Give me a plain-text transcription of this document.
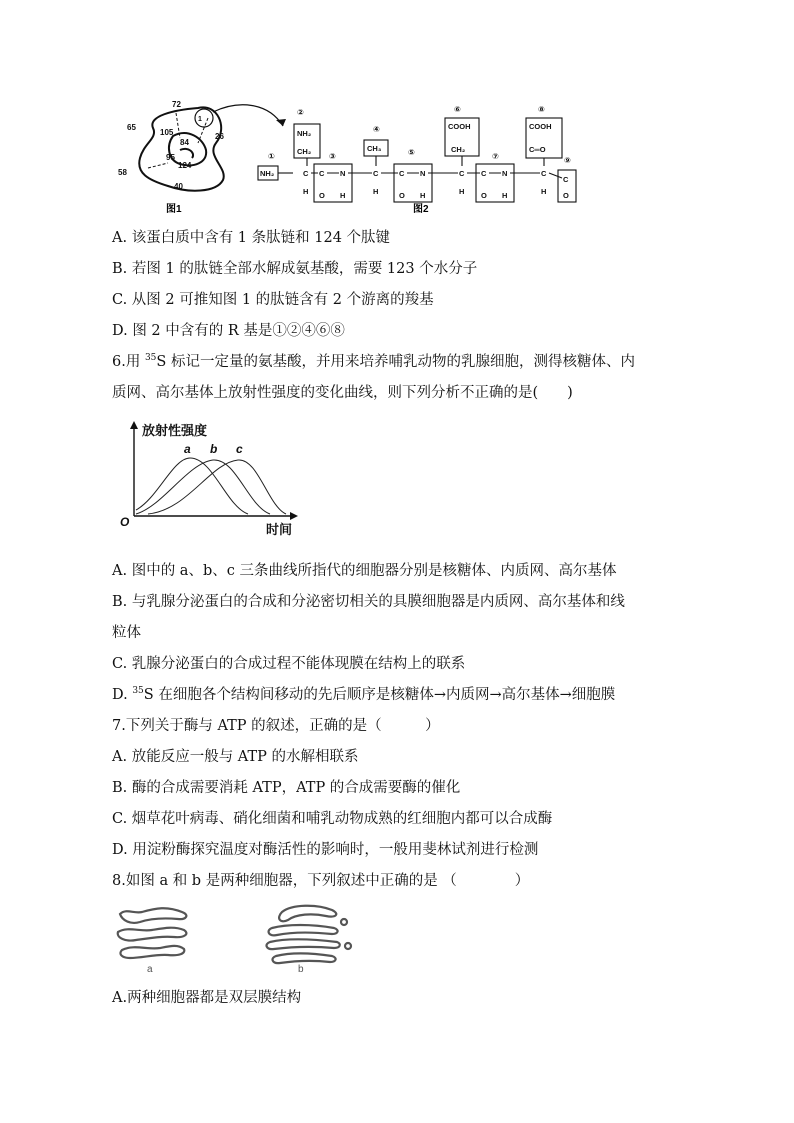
72
65
105
84
26
95
124
58
40
1
图1
①
②
③
④
⑤
⑥
⑦
⑧
⑨
NH₂
NH₂
CH₂	CH₃
COOH
CH₂
COOH
C═O
C
H
C
O
N
H
C
H
C
O
N
H
C
H
C
O
N
H
C
H
C
O
图2
A. 该蛋白质中含有 1 条肽链和 124 个肽键
B. 若图 1 的肽链全部水解成氨基酸，需要 123 个水分子
C. 从图 2 可推知图 1 的肽链含有 2 个游离的羧基
D. 图 2 中含有的 R 基是①②④⑥⑧
6.用 $^{35}$S 标记一定量的氨基酸，并用来培养哺乳动物的乳腺细胞，测得核糖体、内
质网、高尔基体上放射性强度的变化曲线，则下列分析不正确的是(　　)
放射性强度
时间
O
a b c
A. 图中的 a、b、c 三条曲线所指代的细胞器分别是核糖体、内质网、高尔基体
B. 与乳腺分泌蛋白的合成和分泌密切相关的具膜细胞器是内质网、高尔基体和线
粒体
C. 乳腺分泌蛋白的合成过程不能体现膜在结构上的联系
D. $^{35}$S 在细胞各个结构间移动的先后顺序是核糖体→内质网→高尔基体→细胞膜
7.下列关于酶与 ATP 的叙述，正确的是（　　　）
A. 放能反应一般与 ATP 的水解相联系
B. 酶的合成需要消耗 ATP，ATP 的合成需要酶的催化
C. 烟草花叶病毒、硝化细菌和哺乳动物成熟的红细胞内都可以合成酶
D. 用淀粉酶探究温度对酶活性的影响时，一般用斐林试剂进行检测
8.如图 a 和 b 是两种细胞器，下列叙述中正确的是 （　　　　）
a	b
A.两种细胞器都是双层膜结构
